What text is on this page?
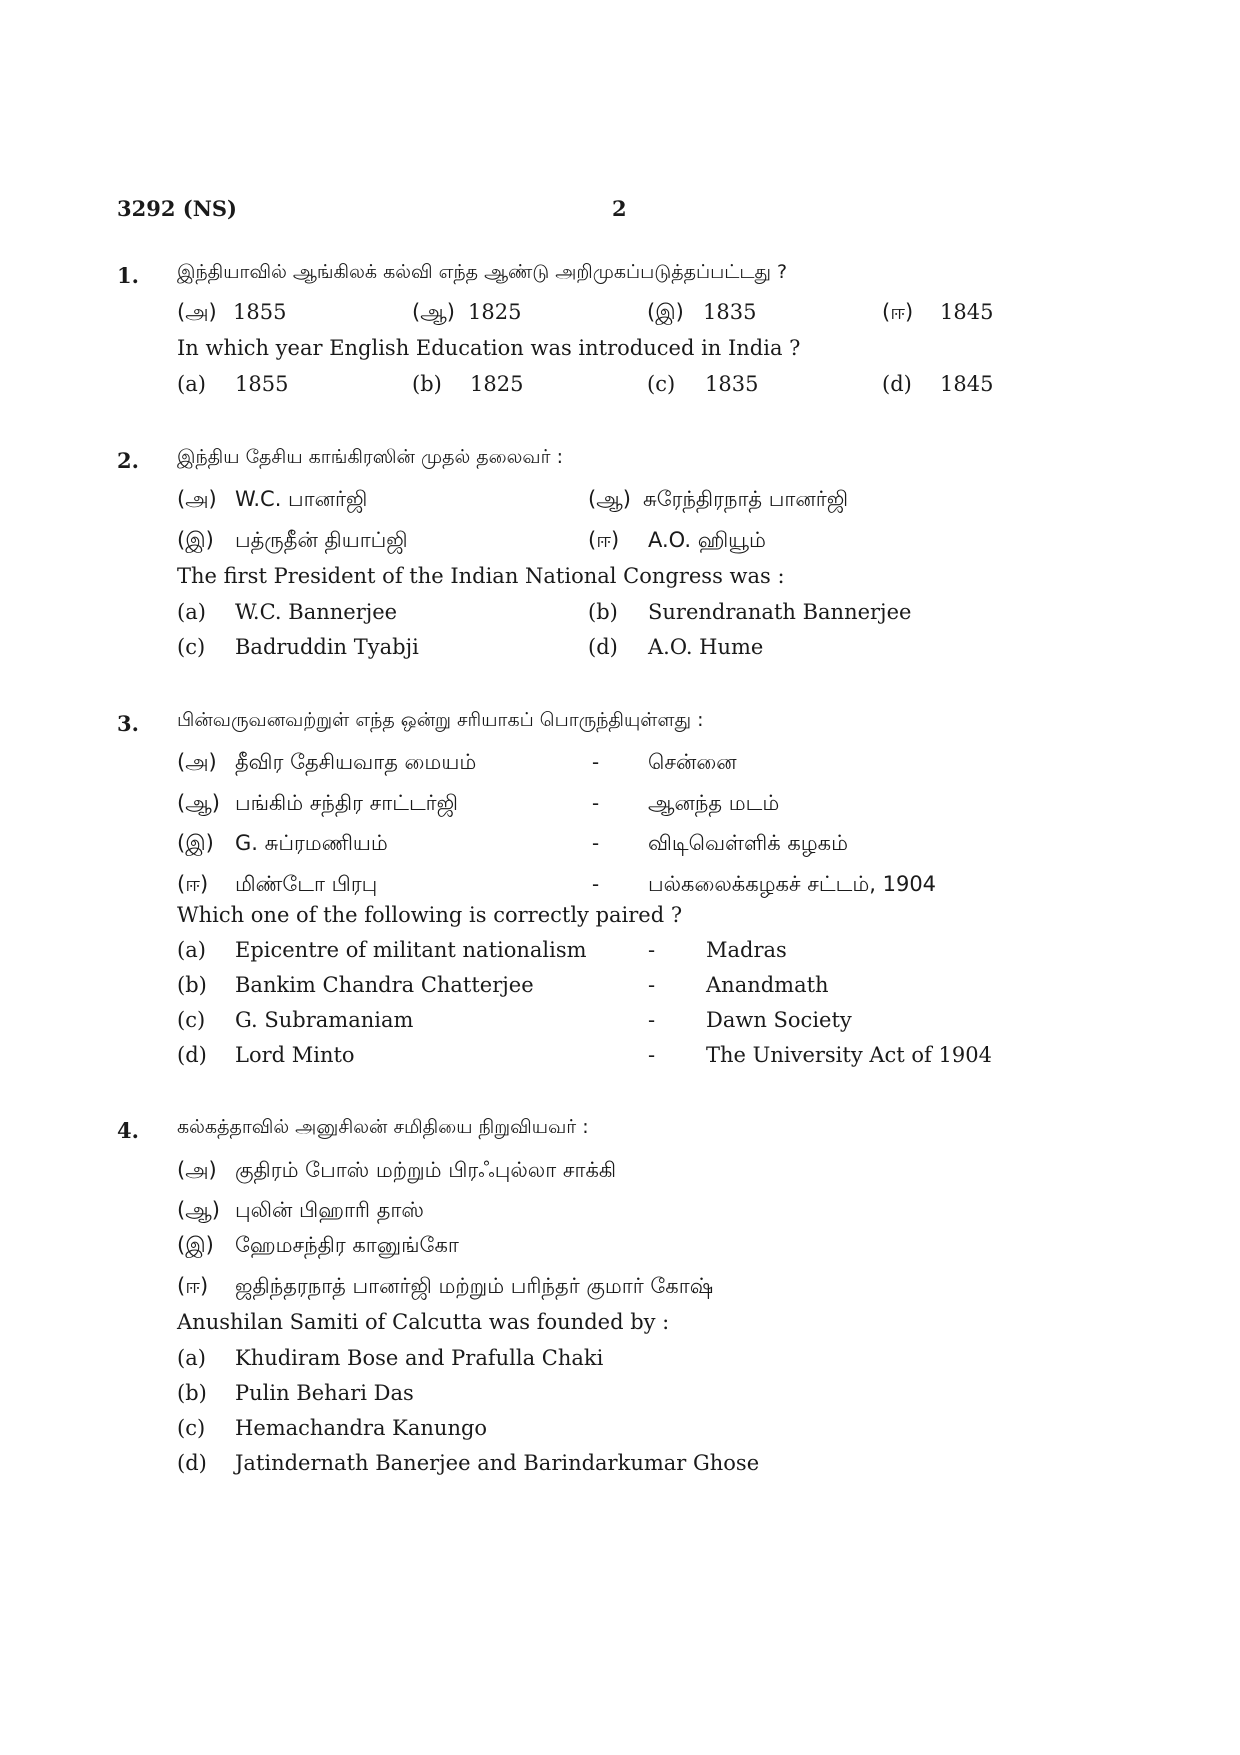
3292 (NS)	2
1. இந்தியாவில் ஆங்கிலக் கல்வி எந்த ஆண்டு அறிமுகப்படுத்தப்பட்டது ?
(அ) 1855	(ஆ) 1825	(இ) 1835	(ஈ) 1845
In which year English Education was introduced in India ?
(a) 1855	(b) 1825	(c) 1835	(d) 1845
2. இந்திய தேசிய காங்கிரஸின் முதல் தலைவர் :
(அ) W.C. பானர்ஜி	(ஆ) சுரேந்திரநாத் பானர்ஜி
(இ) பத்ருதீன் தியாப்ஜி	(ஈ) A.O. ஹியூம்
The first President of the Indian National Congress was :
(a) W.C. Bannerjee	(b) Surendranath Bannerjee
(c) Badruddin Tyabji	(d) A.O. Hume
3. பின்வருவனவற்றுள் எந்த ஒன்று சரியாகப் பொருந்தியுள்ளது :
(அ) தீவிர தேசியவாத மையம்	- சென்னை
(ஆ) பங்கிம் சந்திர சாட்டர்ஜி	- ஆனந்த மடம்
(இ) G. சுப்ரமணியம்	- விடிவெள்ளிக் கழகம்
(ஈ) மிண்டோ பிரபு	- பல்கலைக்கழகச் சட்டம், 1904
Which one of the following is correctly paired ?
(a) Epicentre of militant nationalism	- Madras
(b) Bankim Chandra Chatterjee	- Anandmath
(c) G. Subramaniam	- Dawn Society
(d) Lord Minto	- The University Act of 1904
4. கல்கத்தாவில் அனுசிலன் சமிதியை நிறுவியவர் :
(அ) குதிரம் போஸ் மற்றும் பிரஃபுல்லா சாக்கி
(ஆ) புலின் பிஹாரி தாஸ்
(இ) ஹேமசந்திர கானுங்கோ
(ஈ) ஜதிந்தரநாத் பானர்ஜி மற்றும் பரிந்தர் குமார் கோஷ்
Anushilan Samiti of Calcutta was founded by :
(a) Khudiram Bose and Prafulla Chaki
(b) Pulin Behari Das
(c) Hemachandra Kanungo
(d) Jatindernath Banerjee and Barindarkumar Ghose
